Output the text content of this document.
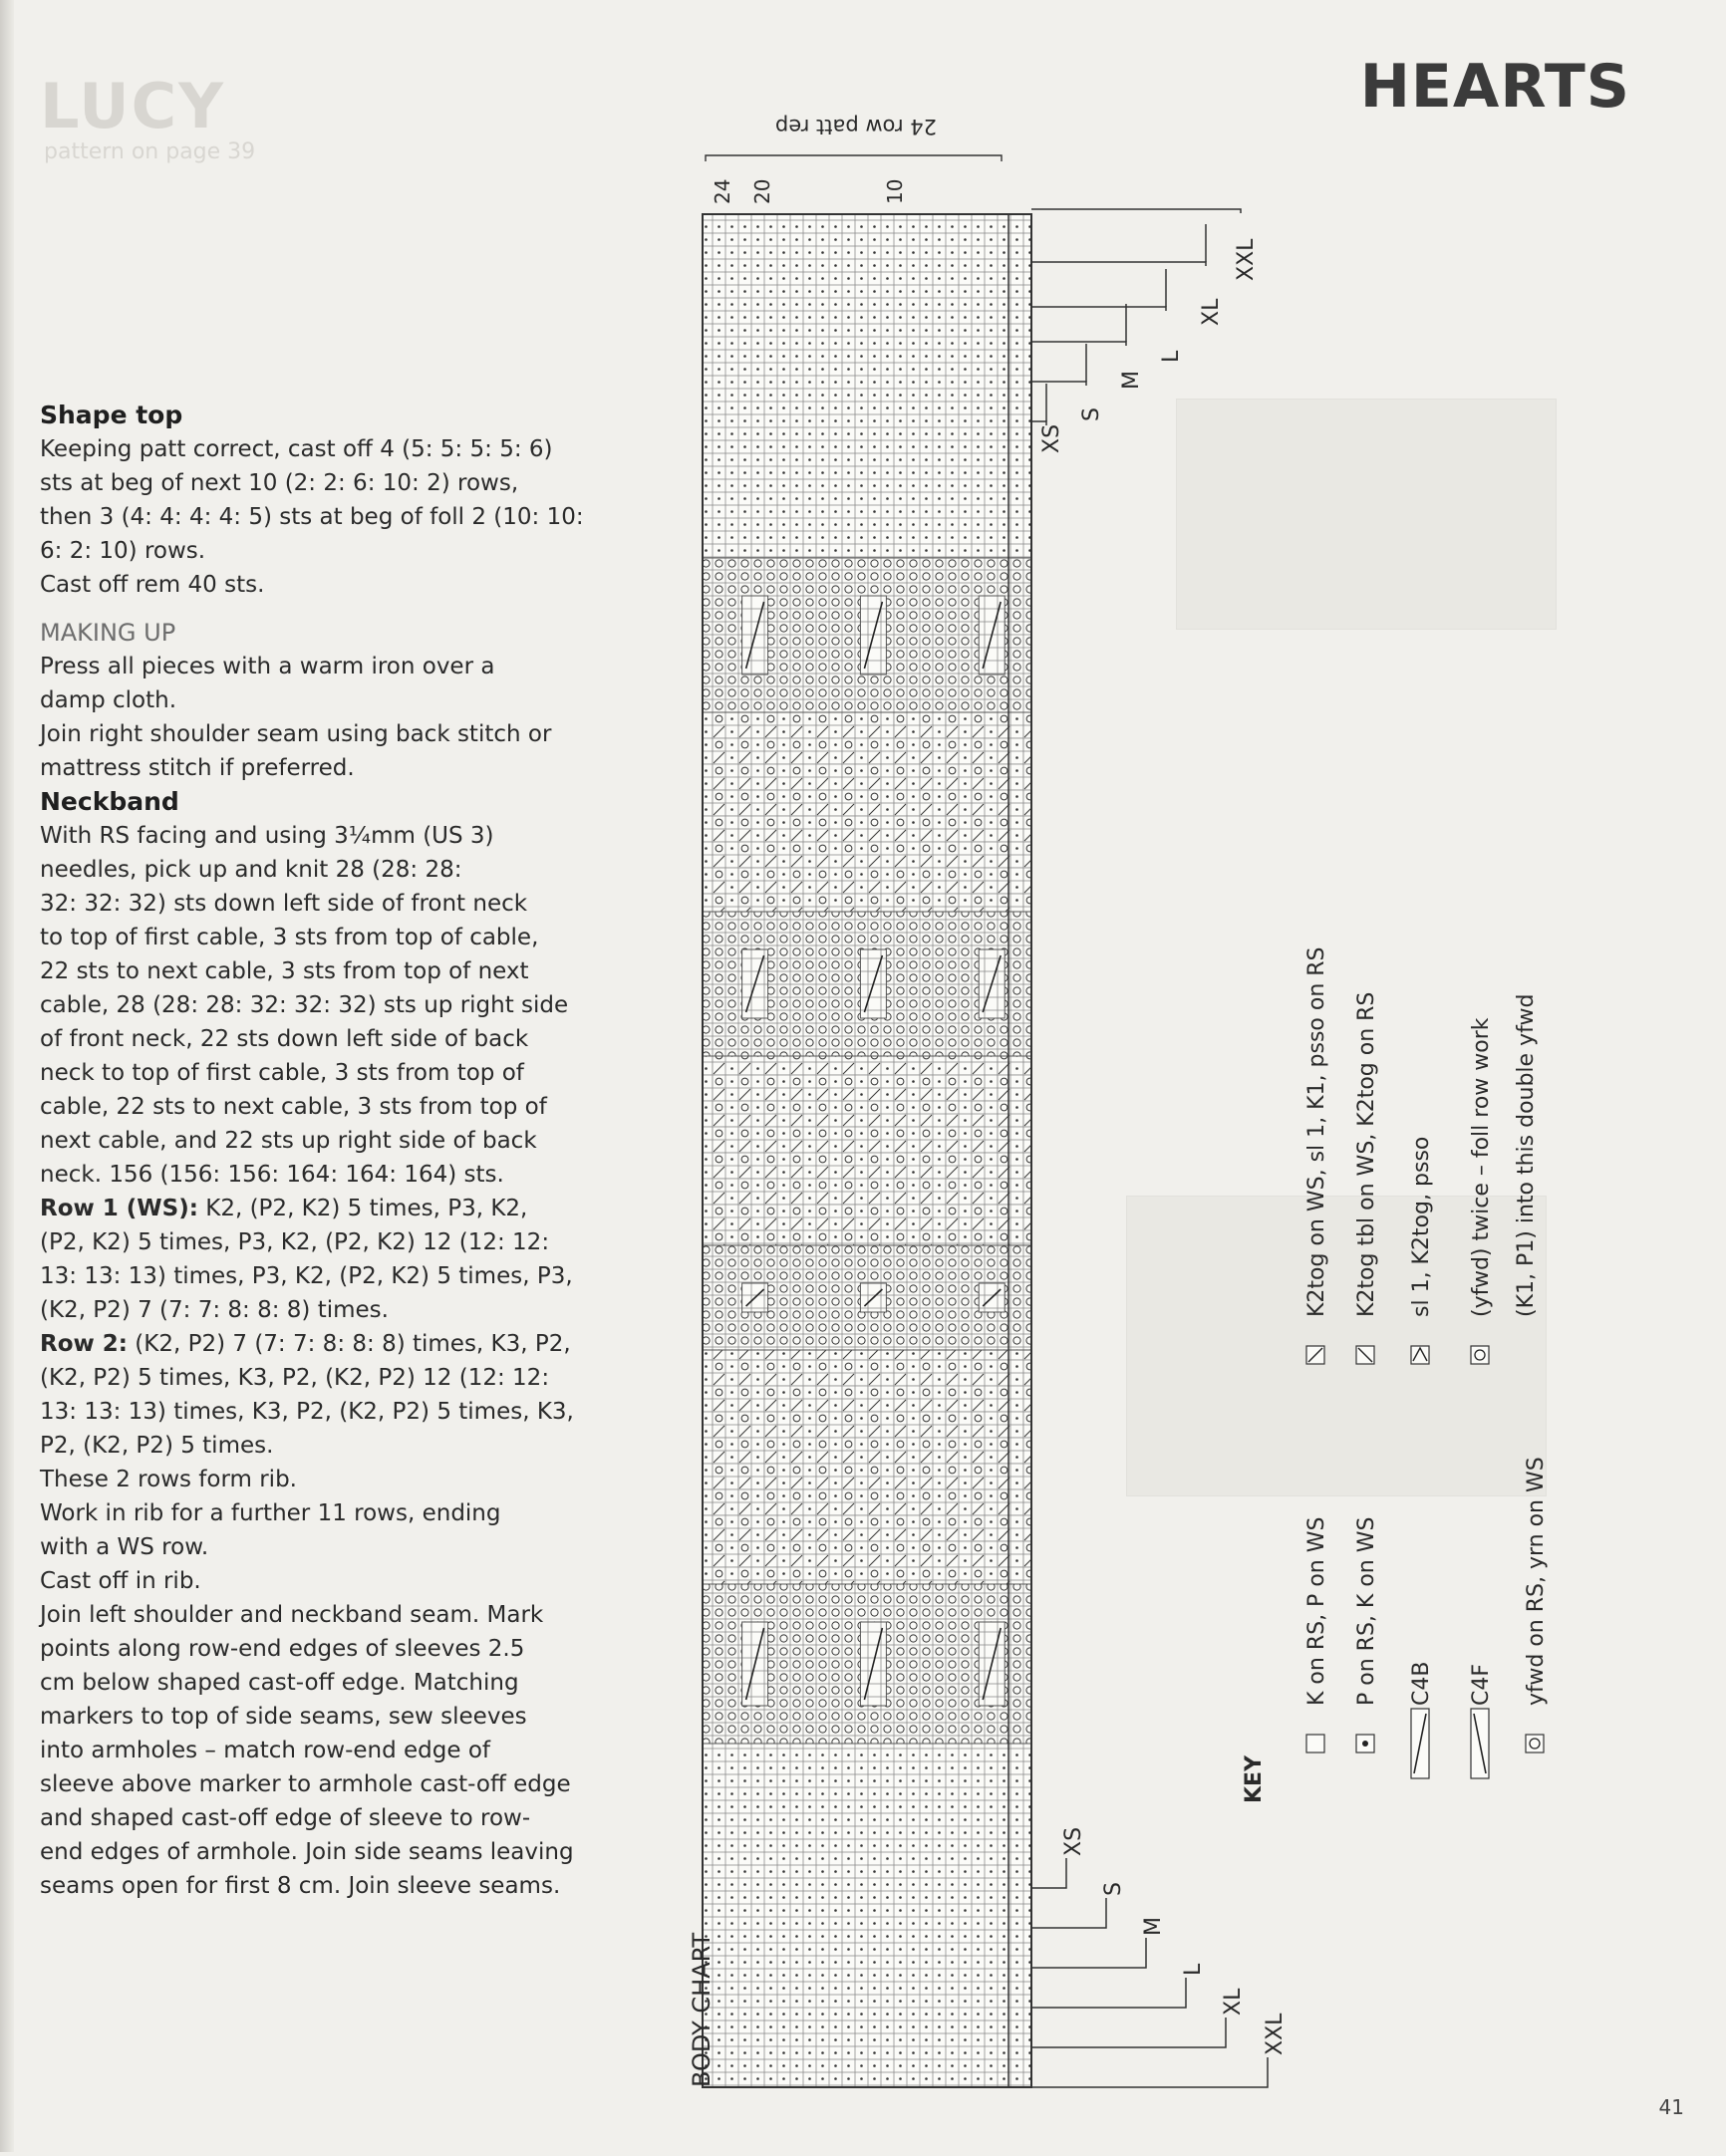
LUCY
pattern on page 39
HEARTS
Shape top
Keeping patt correct, cast off 4 (5: 5: 5: 5: 6)
sts at beg of next 10 (2: 2: 6: 10: 2) rows,
then 3 (4: 4: 4: 4: 5) sts at beg of foll 2 (10: 10:
6: 2: 10) rows.
Cast off rem 40 sts.
MAKING UP
Press all pieces with a warm iron over a
damp cloth.
Join right shoulder seam using back stitch or
mattress stitch if preferred.
Neckband
With RS facing and using 3¼mm (US 3)
needles, pick up and knit 28 (28: 28:
32: 32: 32) sts down left side of front neck
to top of first cable, 3 sts from top of cable,
22 sts to next cable, 3 sts from top of next
cable, 28 (28: 28: 32: 32: 32) sts up right side
of front neck, 22 sts down left side of back
neck to top of first cable, 3 sts from top of
cable, 22 sts to next cable, 3 sts from top of
next cable, and 22 sts up right side of back
neck. 156 (156: 156: 164: 164: 164) sts.
Row 1 (WS): K2, (P2, K2) 5 times, P3, K2,
(P2, K2) 5 times, P3, K2, (P2, K2) 12 (12: 12:
13: 13: 13) times, P3, K2, (P2, K2) 5 times, P3,
(K2, P2) 7 (7: 7: 8: 8: 8) times.
Row 2: (K2, P2) 7 (7: 7: 8: 8: 8) times, K3, P2,
(K2, P2) 5 times, K3, P2, (K2, P2) 12 (12: 12:
13: 13: 13) times, K3, P2, (K2, P2) 5 times, K3,
P2, (K2, P2) 5 times.
These 2 rows form rib.
Work in rib for a further 11 rows, ending
with a WS row.
Cast off in rib.
Join left shoulder and neckband seam. Mark
points along row-end edges of sleeves 2.5
cm below shaped cast-off edge. Matching
markers to top of side seams, sew sleeves
into armholes – match row-end edge of
sleeve above marker to armhole cast-off edge
and shaped cast-off edge of sleeve to row-
end edges of armhole. Join side seams leaving
seams open for first 8 cm. Join sleeve seams.
XS
S
M
L
XL
XXL
XS
S
M
L
XL
XXL
24 20	10
24 row patt rep
BODY CHART
KEY
K on RS, P on WS P on RS, K on WS C4B C4F yfwd on RS, yrn on WS
K2tog on WS, sl 1, K1, psso on RS K2tog tbl on WS, K2tog on RS sl 1, K2tog, psso (yfwd) twice – foll row work (K1, P1) into this double yfwd
41
